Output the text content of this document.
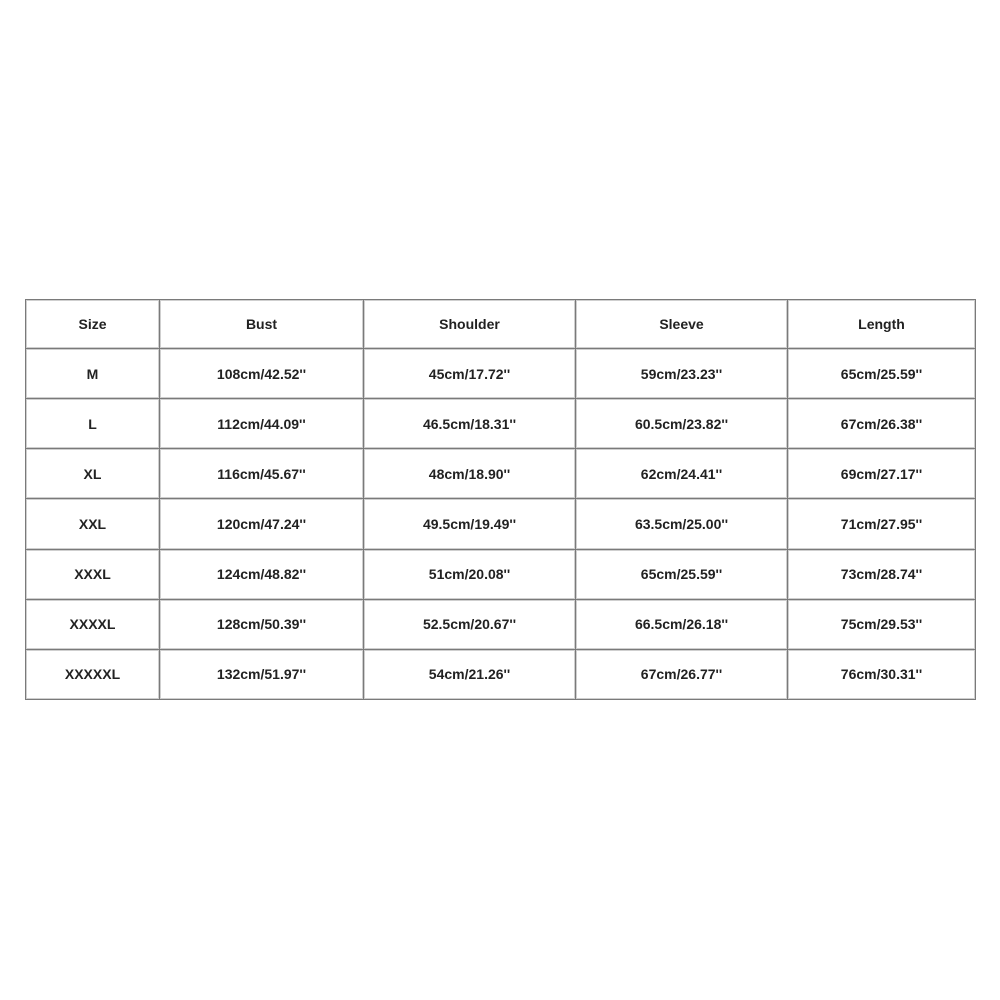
Size	Bust	Shoulder	Sleeve	Length
M	108cm/42.52''	45cm/17.72''	59cm/23.23''	65cm/25.59''
L	112cm/44.09''	46.5cm/18.31''	60.5cm/23.82''	67cm/26.38''
XL	116cm/45.67''	48cm/18.90''	62cm/24.41''	69cm/27.17''
XXL	120cm/47.24''	49.5cm/19.49''	63.5cm/25.00''	71cm/27.95''
XXXL	124cm/48.82''	51cm/20.08''	65cm/25.59''	73cm/28.74''
XXXXL	128cm/50.39''	52.5cm/20.67''	66.5cm/26.18''	75cm/29.53''
XXXXXL	132cm/51.97''	54cm/21.26''	67cm/26.77''	76cm/30.31''
